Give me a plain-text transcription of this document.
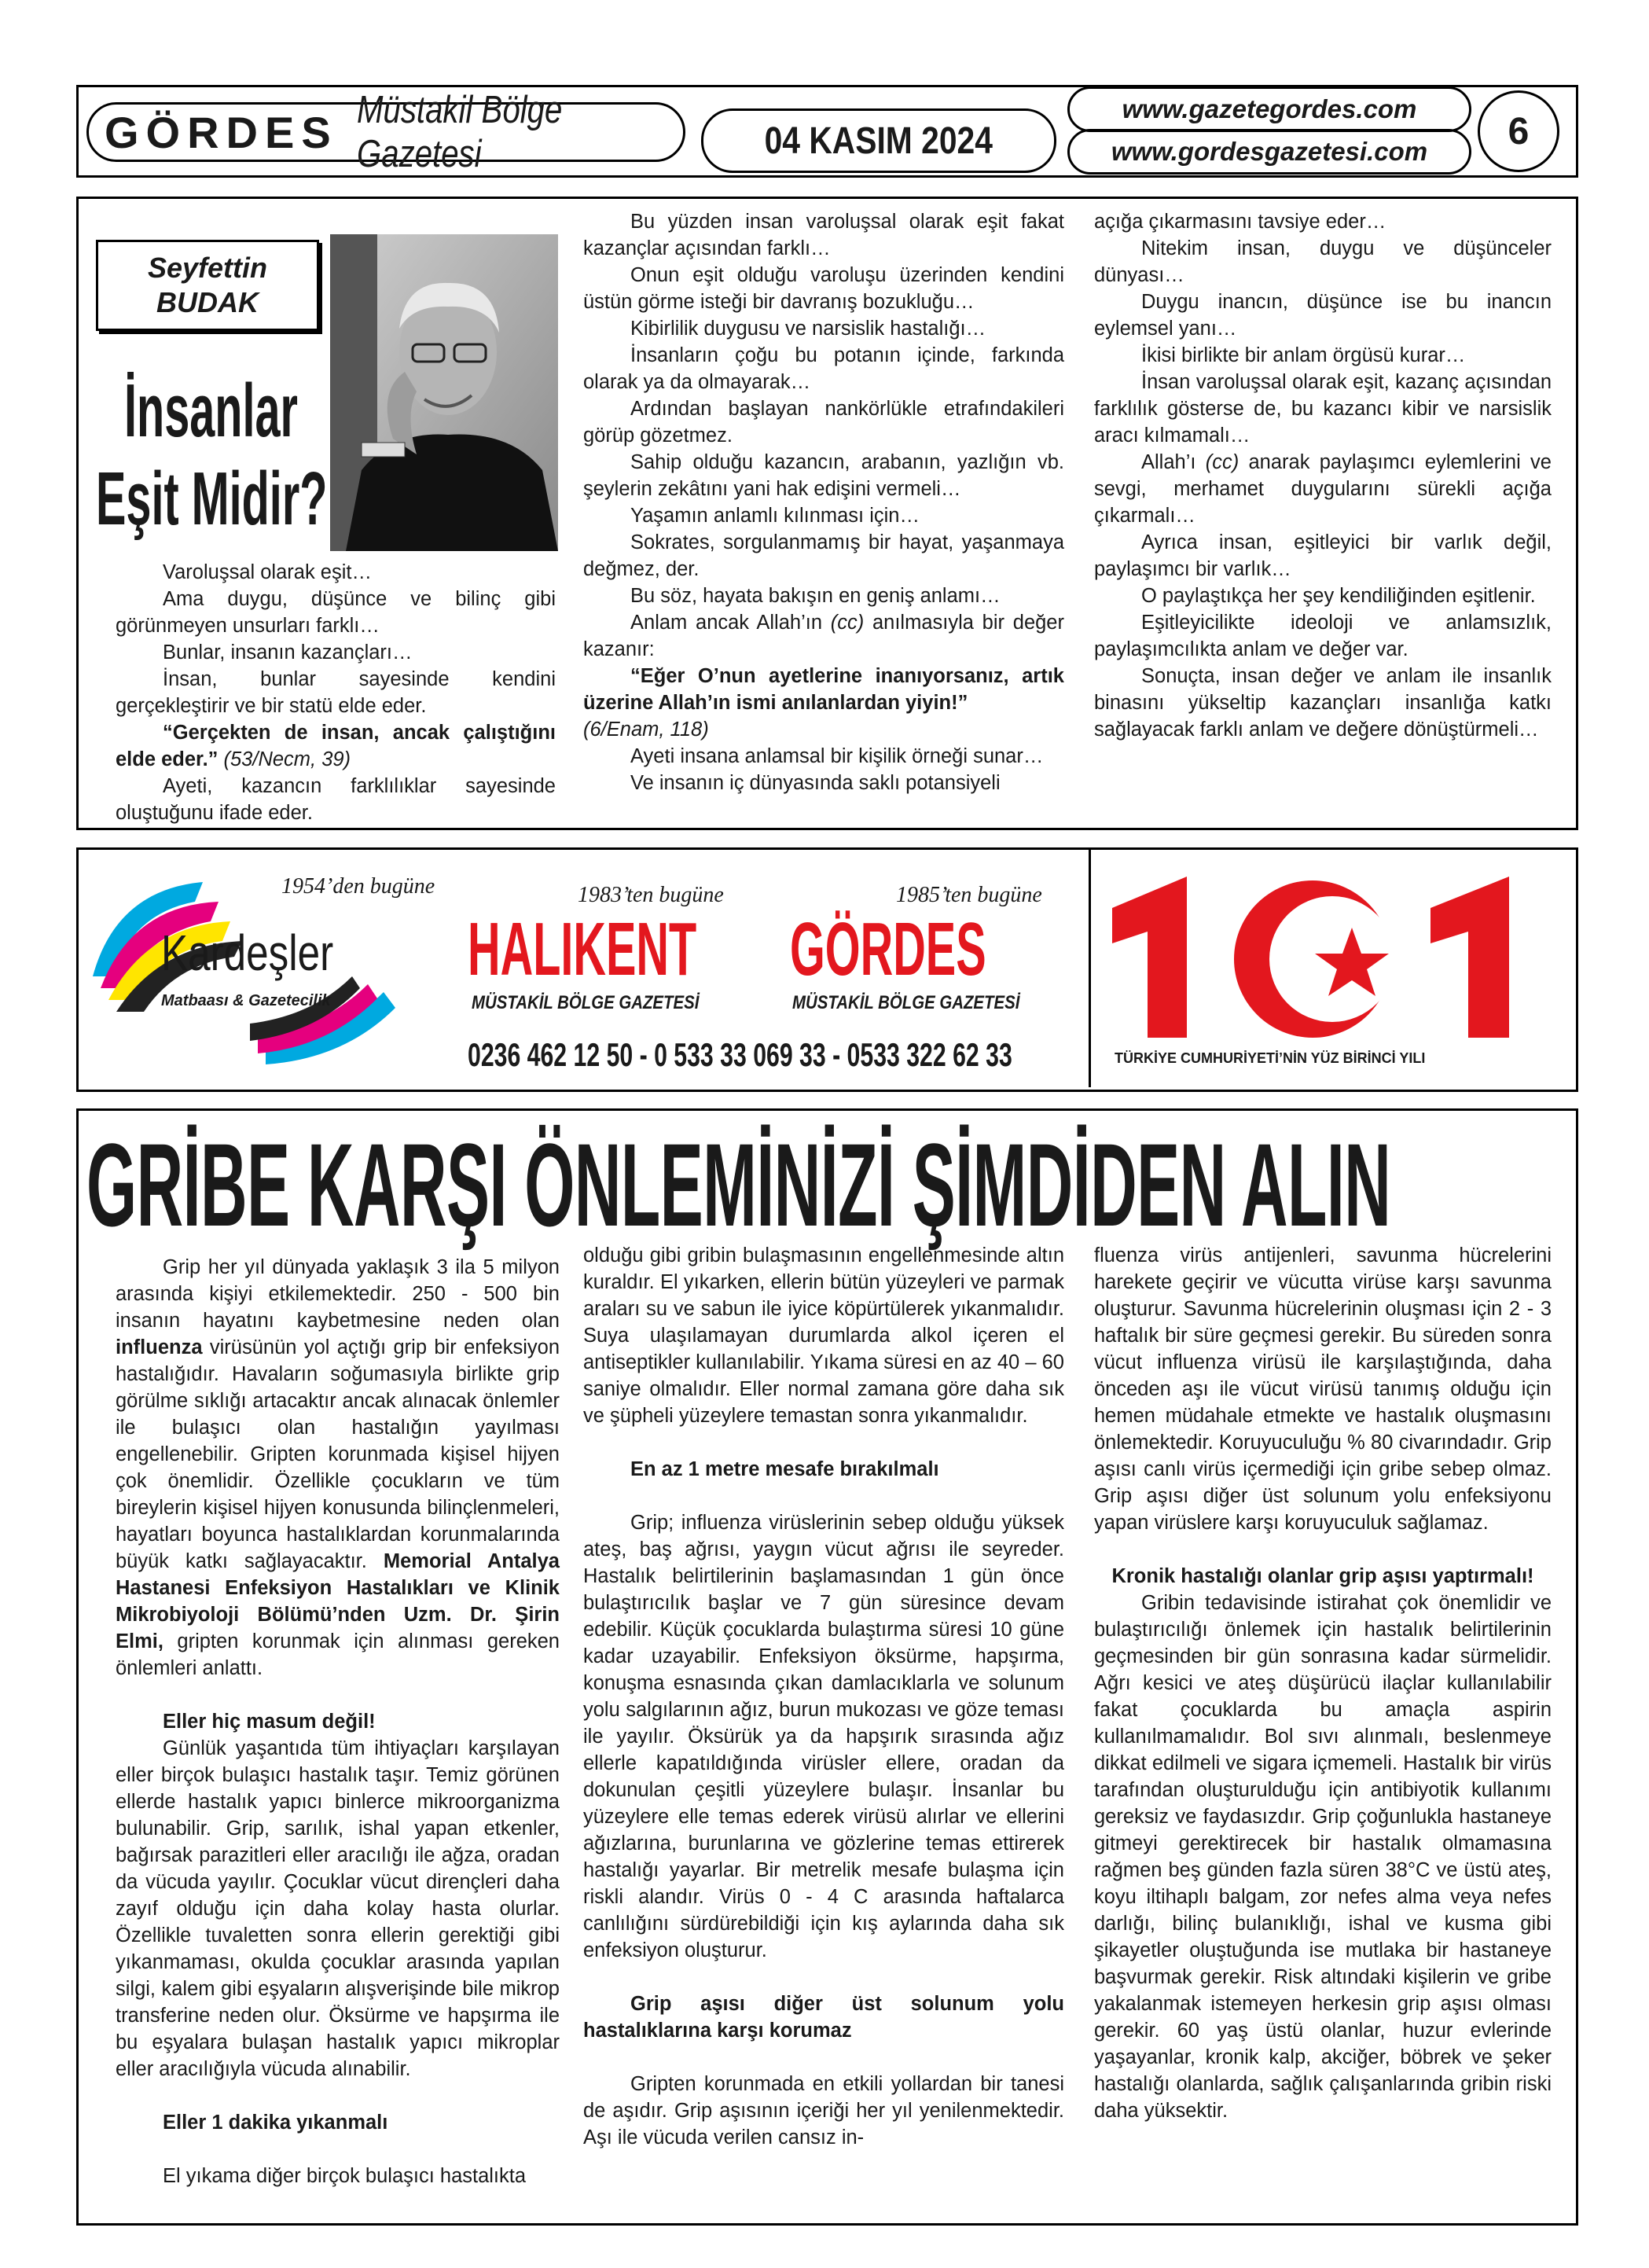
GÖRDES Müstakil Bölge Gazetesi	04 KASIM 2024
www.gazetegordes.com
www.gordesgazetesi.com	6
Seyfettin
BUDAK
İnsanlar
Eşit Midir?

Varoluşsal olarak eşit…

Ama duygu, düşünce ve bilinç gibi görünmeyen unsurları farklı…

Bunlar, insanın kazançları…

İnsan, bunlar sayesinde kendini gerçekleştirir ve bir statü elde eder.

“Gerçekten de insan, ancak çalıştığını elde eder.” (53/Necm, 39)

Ayeti, kazancın farklılıklar sayesinde oluştuğunu ifade eder.

Bu yüzden insan varoluşsal olarak eşit fakat kazançlar açısından farklı…

Onun eşit olduğu varoluşu üzerinden kendini üstün görme isteği bir davranış bozukluğu…

Kibirlilik duygusu ve narsislik hastalığı…

İnsanların çoğu bu potanın içinde, farkında olarak ya da olmayarak…

Ardından başlayan nankörlükle etrafındakileri görüp gözetmez.

Sahip olduğu kazancın, arabanın, yazlığın vb. şeylerin zekâtını yani hak edişini vermeli…

Yaşamın anlamlı kılınması için…

Sokrates, sorgulanmamış bir hayat, yaşanmaya değmez, der.

Bu söz, hayata bakışın en geniş anlamı…

Anlam ancak Allah’ın (cc) anılmasıyla bir değer kazanır:

“Eğer O’nun ayetlerine inanıyorsanız, artık üzerine Allah’ın ismi anılanlardan yiyin!”

(6/Enam, 118)

Ayeti insana anlamsal bir kişilik örneği sunar…

Ve insanın iç dünyasında saklı potansiyeli

açığa çıkarmasını tavsiye eder…

Nitekim insan, duygu ve düşünceler dünyası…

Duygu inancın, düşünce ise bu inancın eylemsel yanı…

İkisi birlikte bir anlam örgüsü kurar…

İnsan varoluşsal olarak eşit, kazanç açısından farklılık gösterse de, bu kazancı kibir ve narsislik aracı kılmamalı…

Allah’ı (cc) anarak paylaşımcı eylemlerini ve sevgi, merhamet duygularını sürekli açığa çıkarmalı…

Ayrıca insan, eşitleyici bir varlık değil, paylaşımcı bir varlık…

O paylaştıkça her şey kendiliğinden eşitlenir.

Eşitleyicilikte ideoloji ve anlamsızlık, paylaşımcılıkta anlam ve değer var.

Sonuçta, insan değer ve anlam ile insanlık binasını yükseltip kazançları insanlığa katkı sağlayacak farklı anlam ve değere dönüştürmeli…

1954’den bugüne
Kardeşler
Matbaası & Gazetecilik
1983’ten bugüne
HALIKENT
MÜSTAKİL BÖLGE GAZETESİ
1985’ten bugüne
GÖRDES
MÜSTAKİL BÖLGE GAZETESİ
0236 462 12 50 - 0 533 33 069 33 - 0533 322 62 33	TÜRKİYE CUMHURİYETİ’NİN YÜZ BİRİNCİ YILI
GRİBE KARŞI ÖNLEMİNİZİ ŞİMDİDEN ALIN

Grip her yıl dünyada yaklaşık 3 ila 5 milyon arasında kişiyi etkilemektedir. 250 - 500 bin insanın hayatını kaybetmesine neden olan influenza virüsünün yol açtığı grip bir enfeksiyon hastalığıdır. Havaların soğumasıyla birlikte grip görülme sıklığı artacaktır ancak alınacak önlemler ile bulaşıcı olan hastalığın yayılması engellenebilir. Gripten korunmada kişisel hijyen çok önemlidir. Özellikle çocukların ve tüm bireylerin kişisel hijyen konusunda bilinçlenmeleri, hayatları boyunca hastalıklardan korunmalarında büyük katkı sağlayacaktır. Memorial Antalya Hastanesi Enfeksiyon Hastalıkları ve Klinik Mikrobiyoloji Bölümü’nden Uzm. Dr. Şirin Elmi, gripten korunmak için alınması gereken önlemleri anlattı.

Eller hiç masum değil!

Günlük yaşantıda tüm ihtiyaçları karşılayan eller birçok bulaşıcı hastalık taşır. Temiz görünen ellerde hastalık yapıcı binlerce mikroorganizma bulunabilir. Grip, sarılık, ishal yapan etkenler, bağırsak parazitleri eller aracılığı ile ağza, oradan da vücuda yayılır. Çocuklar vücut dirençleri daha zayıf olduğu için daha kolay hasta olurlar. Özellikle tuvaletten sonra ellerin gerektiği gibi yıkanmaması, okulda çocuklar arasında yapılan silgi, kalem gibi eşyaların alışverişinde bile mikrop transferine neden olur. Öksürme ve hapşırma ile bu eşyalara bulaşan hastalık yapıcı mikroplar eller aracılığıyla vücuda alınabilir.

Eller 1 dakika yıkanmalı

El yıkama diğer birçok bulaşıcı hastalıkta

olduğu gibi gribin bulaşmasının engellenmesinde altın kuraldır. El yıkarken, ellerin bütün yüzeyleri ve parmak araları su ve sabun ile iyice köpürtülerek yıkanmalıdır. Suya ulaşılamayan durumlarda alkol içeren el antiseptikler kullanılabilir. Yıkama süresi en az 40 – 60 saniye olmalıdır. Eller normal zamana göre daha sık ve şüpheli yüzeylere temastan sonra yıkanmalıdır.

En az 1 metre mesafe bırakılmalı

Grip; influenza virüslerinin sebep olduğu yüksek ateş, baş ağrısı, yaygın vücut ağrısı ile seyreder. Hastalık belirtilerinin başlamasından 1 gün önce bulaştırıcılık başlar ve 7 gün süresince devam edebilir. Küçük çocuklarda bulaştırma süresi 10 güne kadar uzayabilir. Enfeksiyon öksürme, hapşırma, konuşma esnasında çıkan damlacıklarla ve solunum yolu salgılarının ağız, burun mukozası ve göze teması ile yayılır. Öksürük ya da hapşırık sırasında ağız ellerle kapatıldığında virüsler ellere, oradan da dokunulan çeşitli yüzeylere bulaşır. İnsanlar bu yüzeylere elle temas ederek virüsü alırlar ve ellerini ağızlarına, burunlarına ve gözlerine temas ettirerek hastalığı yayarlar. Bir metrelik mesafe bulaşma için riskli alandır. Virüs 0 - 4 C arasında haftalarca canlılığını sürdürebildiği için kış aylarında daha sık enfeksiyon oluşturur.

Grip aşısı diğer üst solunum yolu hastalıklarına karşı korumaz

Gripten korunmada en etkili yollardan bir tanesi de aşıdır. Grip aşısının içeriği her yıl yenilenmektedir. Aşı ile vücuda verilen cansız in-

fluenza virüs antijenleri, savunma hücrelerini harekete geçirir ve vücutta virüse karşı savunma oluşturur. Savunma hücrelerinin oluşması için 2 - 3 haftalık bir süre geçmesi gerekir. Bu süreden sonra vücut influenza virüsü ile karşılaştığında, daha önceden aşı ile vücut virüsü tanımış olduğu için hemen müdahale etmekte ve hastalık oluşmasını önlemektedir. Koruyuculuğu % 80 civarındadır. Grip aşısı canlı virüs içermediği için gribe sebep olmaz. Grip aşısı diğer üst solunum yolu enfeksiyonu yapan virüslere karşı koruyuculuk sağlamaz.

Kronik hastalığı olanlar grip aşısı yaptırmalı!

Gribin tedavisinde istirahat çok önemlidir ve bulaştırıcılığı önlemek için hastalık belirtilerinin geçmesinden bir gün sonrasına kadar sürmelidir. Ağrı kesici ve ateş düşürücü ilaçlar kullanılabilir fakat çocuklarda bu amaçla aspirin kullanılmamalıdır. Bol sıvı alınmalı, beslenmeye dikkat edilmeli ve sigara içmemeli. Hastalık bir virüs tarafından oluşturulduğu için antibiyotik kullanımı gereksiz ve faydasızdır. Grip çoğunlukla hastaneye gitmeyi gerektirecek bir hastalık olmamasına rağmen beş günden fazla süren 38°C ve üstü ateş, koyu iltihaplı balgam, zor nefes alma veya nefes darlığı, bilinç bulanıklığı, ishal ve kusma gibi şikayetler oluştuğunda ise mutlaka bir hastaneye başvurmak gerekir. Risk altındaki kişilerin ve gribe yakalanmak istemeyen herkesin grip aşısı olması gerekir. 60 yaş üstü olanlar, huzur evlerinde yaşayanlar, kronik kalp, akciğer, böbrek ve şeker hastalığı olanlarda, sağlık çalışanlarında gribin riski daha yüksektir.
